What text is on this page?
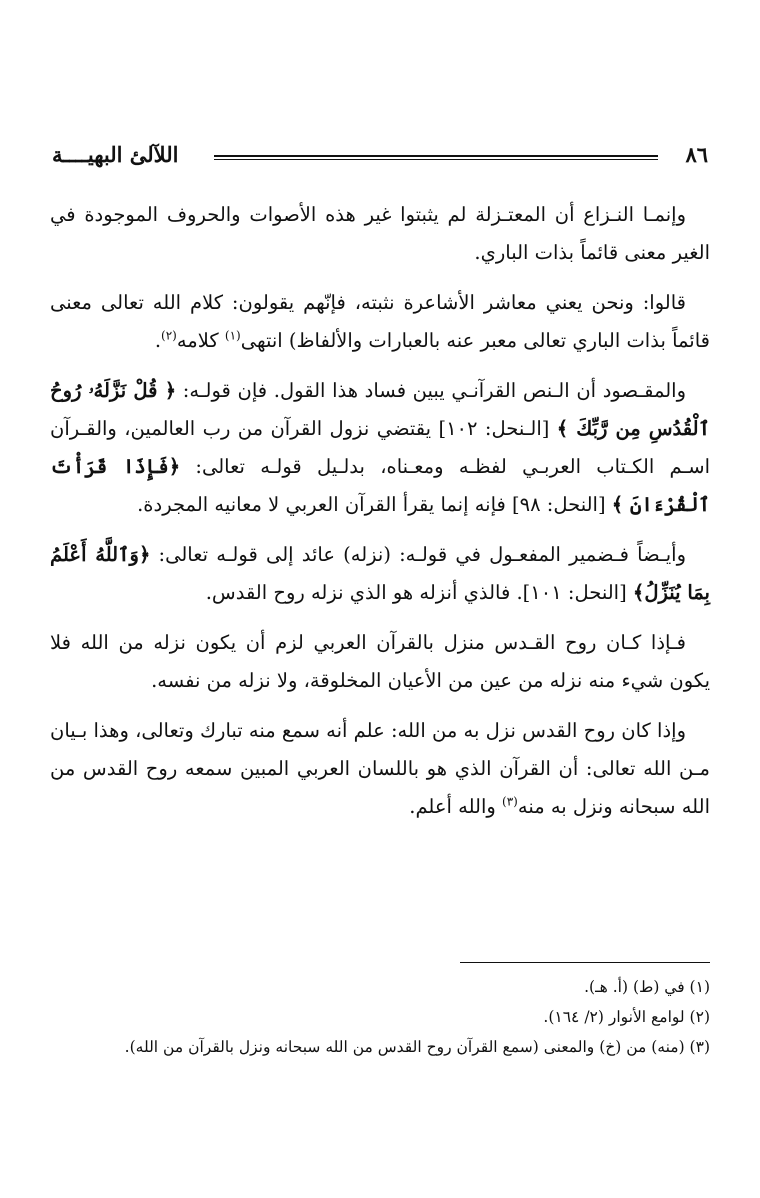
٨٦
اللآلئ البهيــــة

وإنمـا النـزاع أن المعتـزلة لم يثبتوا غير هذه الأصوات والحروف الموجودة في الغير معنى قائماً بذات الباري.

قالوا: ونحن يعني معاشر الأشاعرة نثبته، فإنّهم يقولون: كلام الله تعالى معنى قائماً بذات الباري تعالى معبر عنه بالعبارات والألفاظ) انتهى$^{(١)}$ كلامه$^{(٢)}$.

والمقـصود أن الـنص القرآنـي يبين فساد هذا القول. فإن قولـه: ﴿ قُلْ نَزَّلَهُۥ رُوحُ ٱلْقُدُسِ مِن رَّبِّكَ ﴾ [الـنحل: ١٠٢] يقتضي نزول القرآن من رب العالمين، والقـرآن اسـم الكـتاب العربـي لفظـه ومعـناه، بدلـيل قولـه تعالى: ﴿فَإِذَا قَرَأْتَ ٱلْقُرْءَانَ ﴾ [النحل: ٩٨] فإنه إنما يقرأ القرآن العربي لا معانيه المجردة.

وأيـضاً فـضمير المفعـول في قولـه: (نزله) عائد إلى قولـه تعالى: ﴿وَٱللَّهُ أَعْلَمُ بِمَا يُنَزِّلُ﴾ [النحل: ١٠١]. فالذي أنزله هو الذي نزله روح القدس.

فـإذا كـان روح القـدس منزل بالقرآن العربي لزم أن يكون نزله من الله فلا يكون شيء منه نزله من عين من الأعيان المخلوقة، ولا نزله من نفسه.

وإذا كان روح القدس نزل به من الله: علم أنه سمع منه تبارك وتعالى، وهذا بـيان مـن الله تعالى: أن القرآن الذي هو باللسان العربي المبين سمعه روح القدس من الله سبحانه ونزل به منه$^{(٣)}$ والله أعلم.

(١) في (ط) (أ. هـ).

(٢) لوامع الأنوار (٢/ ١٦٤).

(٣) (منه) من (خ) والمعنى (سمع القرآن روح القدس من الله سبحانه ونزل بالقرآن من الله).
